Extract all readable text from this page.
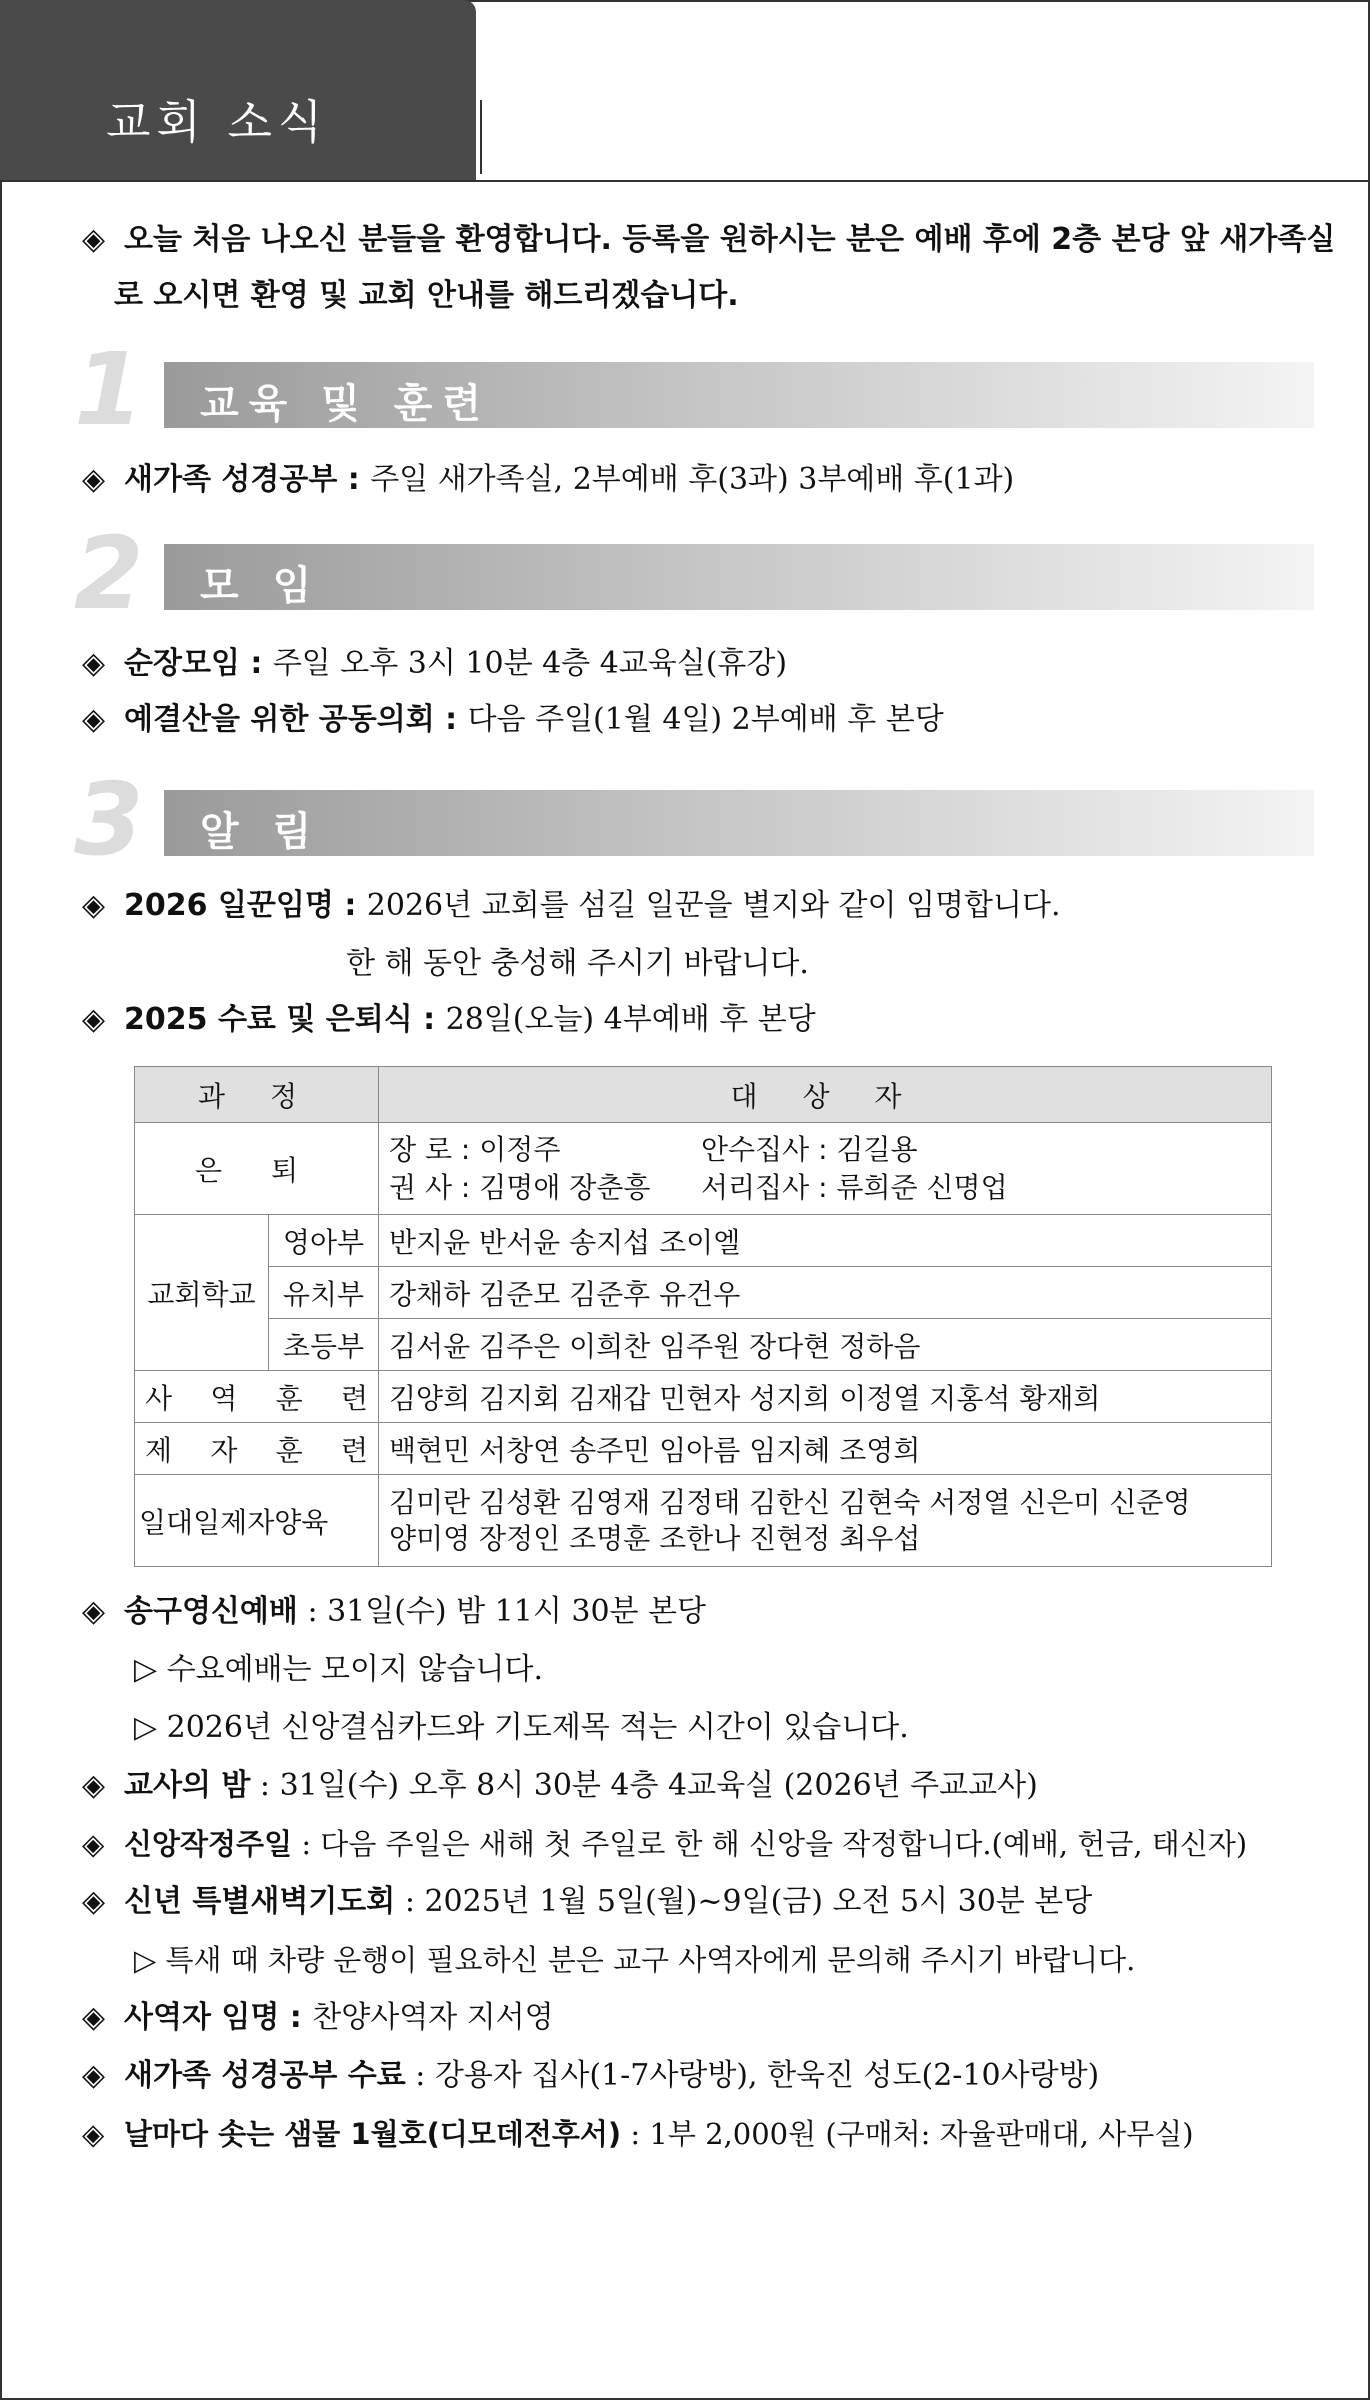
교회 소식
◈ 오늘 처음 나오신 분들을 환영합니다. 등록을 원하시는 분은 예배 후에 2층 본당 앞 새가족실
로 오시면 환영 및 교회 안내를 해드리겠습니다.
1 교육 및 훈련
◈ 새가족 성경공부 : 주일 새가족실, 2부예배 후(3과) 3부예배 후(1과)
2 모 임
◈ 순장모임 : 주일 오후 3시 10분 4층 4교육실(휴강)
◈ 예결산을 위한 공동의회 : 다음 주일(1월 4일) 2부예배 후 본당
3 알 림
◈ 2026 일꾼임명 : 2026년 교회를 섬길 일꾼을 별지와 같이 임명합니다.
한 해 동안 충성해 주시기 바랍니다.
◈ 2025 수료 및 은퇴식 : 28일(오늘) 4부예배 후 본당
과 정		대 상 자
은 퇴		장 로 : 이정주 안수집사 : 김길용
권 사 : 김명애 장춘흥 서리집사 : 류희준 신명업

교회학교	영아부	반지윤 반서윤 송지섭 조이엘
	유치부	강채하 김준모 김준후 유건우
	초등부	김서윤 김주은 이희찬 임주원 장다현 정하음
사 역 훈 련		김양희 김지회 김재갑 민현자 성지희 이정열 지홍석 황재희
제 자 훈 련		백현민 서창연 송주민 임아름 임지혜 조영희
일대일제자양육		김미란 김성환 김영재 김정태 김한신 김현숙 서정열 신은미 신준영
양미영 장정인 조명훈 조한나 진현정 최우섭
◈ 송구영신예배 : 31일(수) 밤 11시 30분 본당
▷ 수요예배는 모이지 않습니다.
▷ 2026년 신앙결심카드와 기도제목 적는 시간이 있습니다.
◈ 교사의 밤 : 31일(수) 오후 8시 30분 4층 4교육실 (2026년 주교교사)
◈ 신앙작정주일 : 다음 주일은 새해 첫 주일로 한 해 신앙을 작정합니다.(예배, 헌금, 태신자)
◈ 신년 특별새벽기도회 : 2025년 1월 5일(월)~9일(금) 오전 5시 30분 본당
▷ 특새 때 차량 운행이 필요하신 분은 교구 사역자에게 문의해 주시기 바랍니다.
◈ 사역자 임명 : 찬양사역자 지서영
◈ 새가족 성경공부 수료 : 강용자 집사(1-7사랑방), 한욱진 성도(2-10사랑방)
◈ 날마다 솟는 샘물 1월호(디모데전후서) : 1부 2,000원 (구매처: 자율판매대, 사무실)
